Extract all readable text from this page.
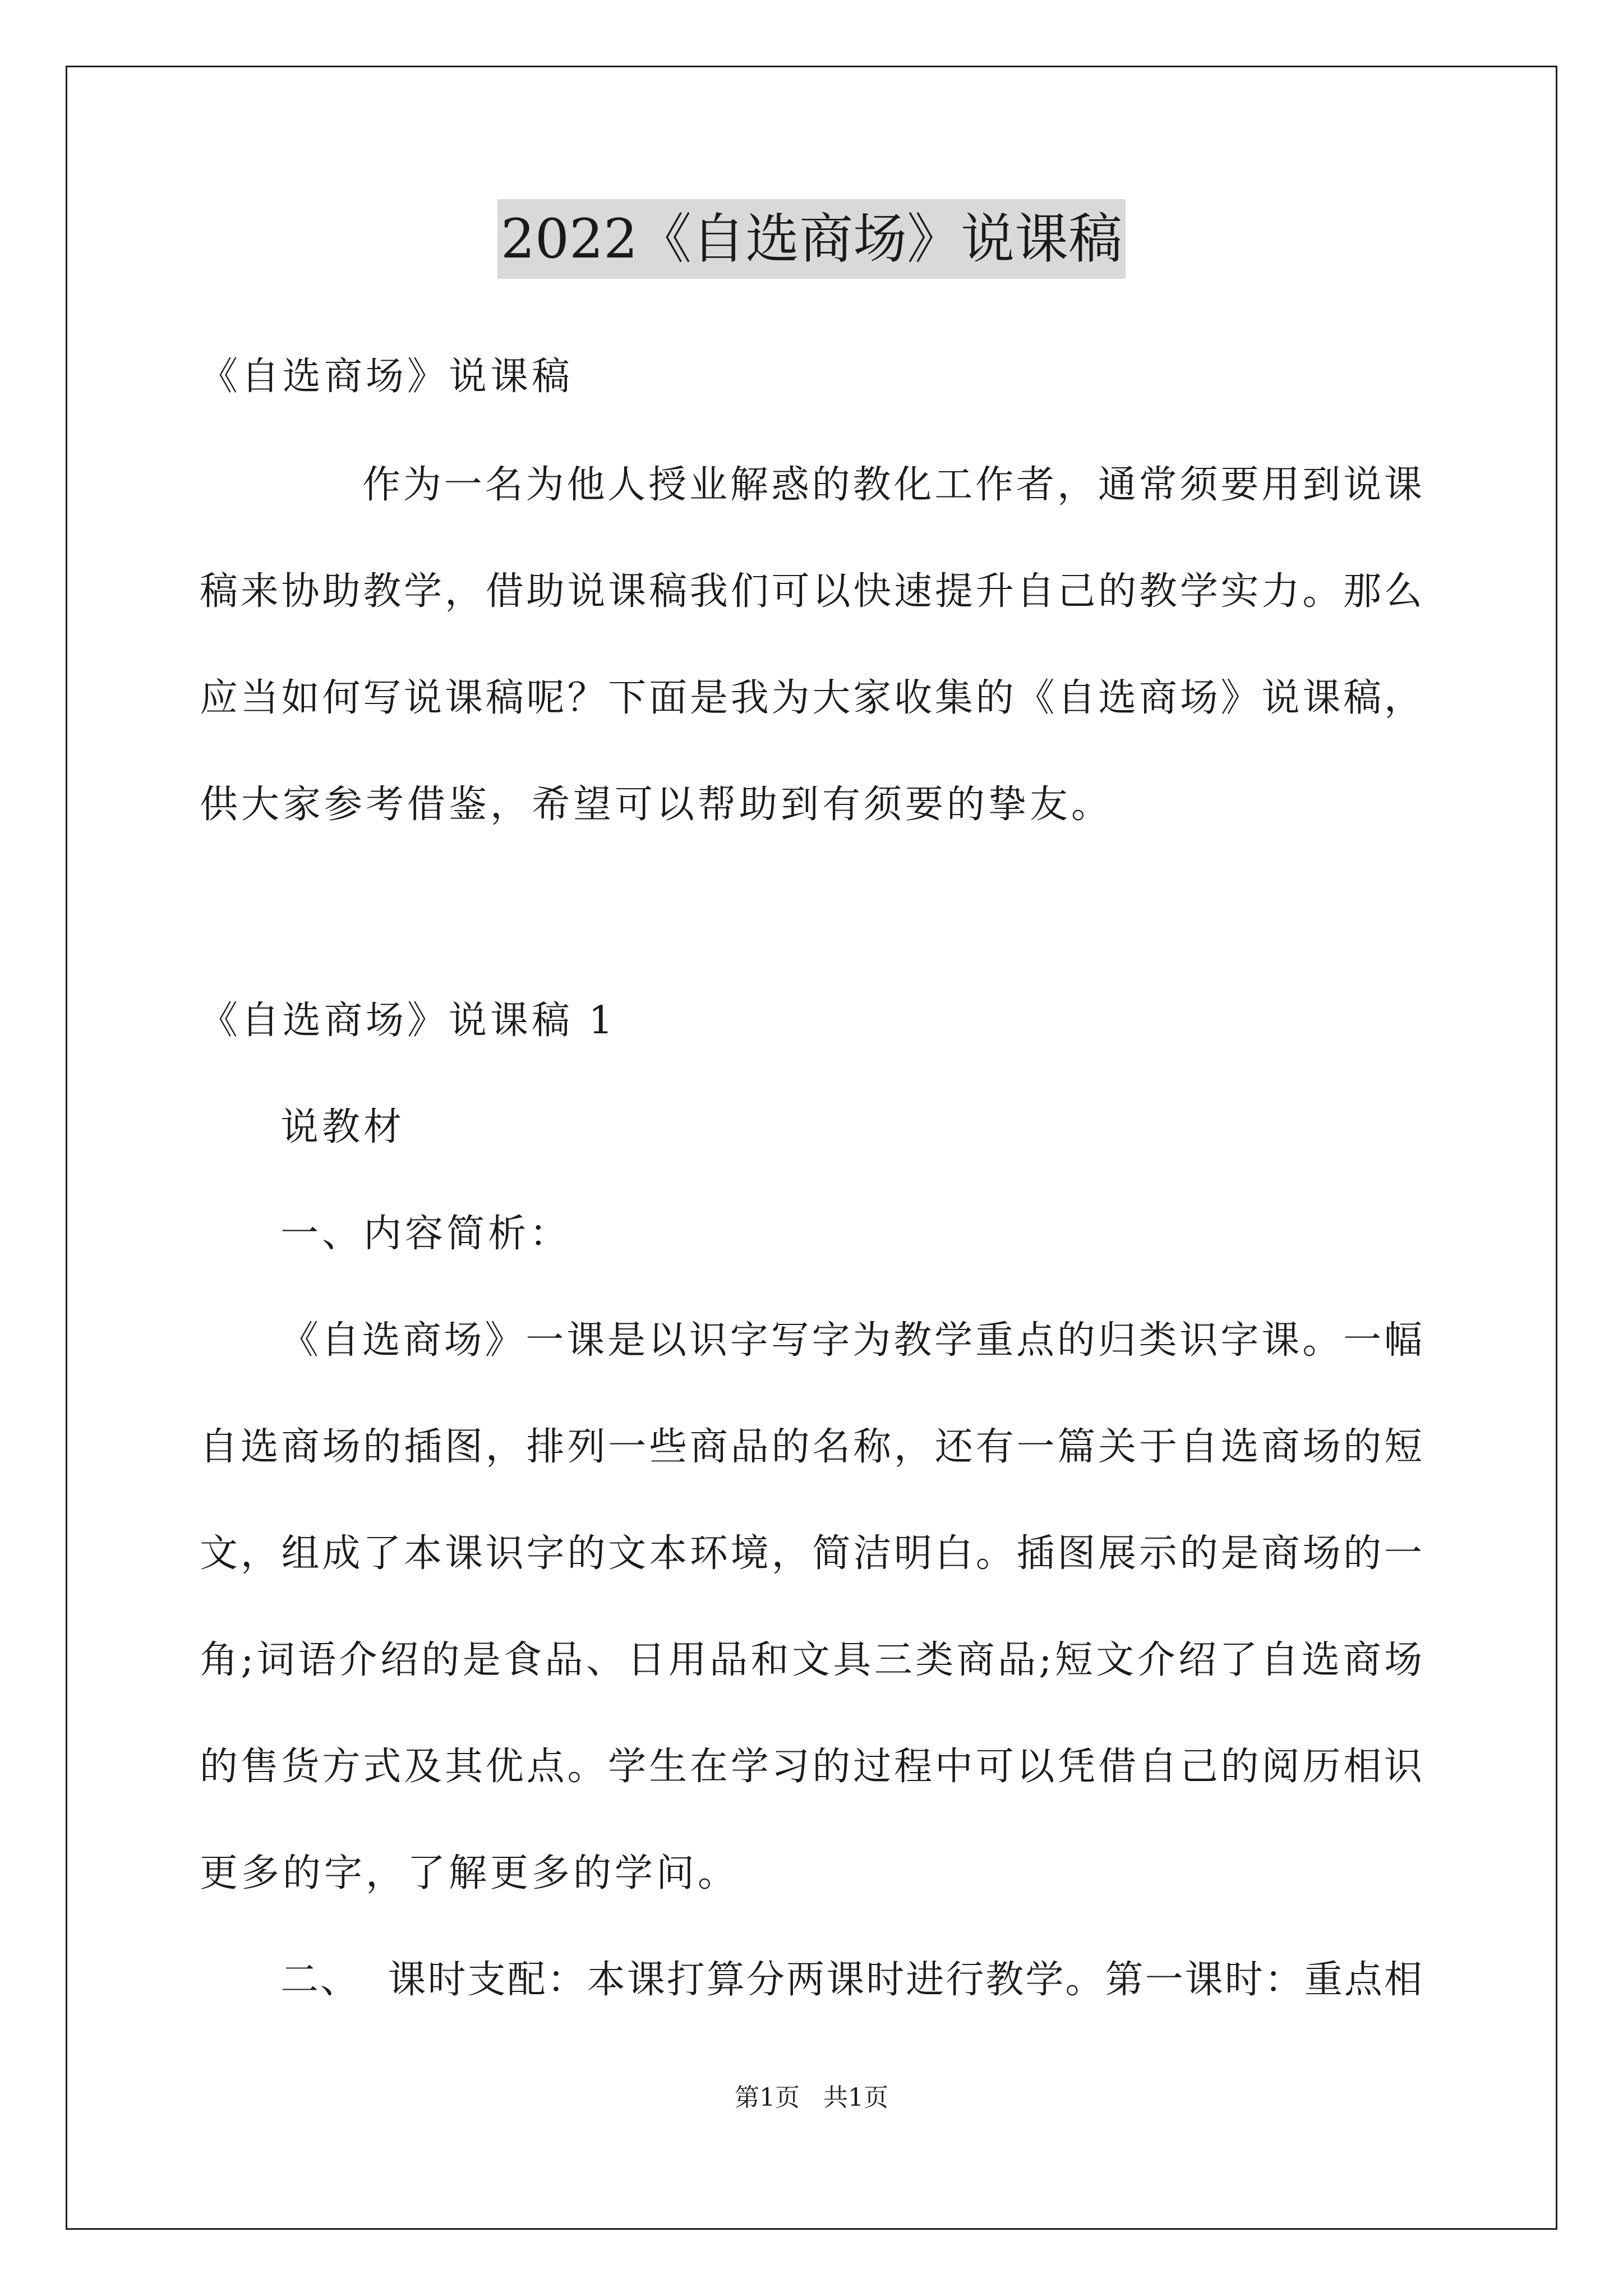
2022《自选商场》说课稿
《自选商场》说课稿
作为一名为他人授业解惑的教化工作者，通常须要用到说课
稿来协助教学，借助说课稿我们可以快速提升自己的教学实力。那么
应当如何写说课稿呢？下面是我为大家收集的《自选商场》说课稿，
供大家参考借鉴，希望可以帮助到有须要的挚友。
《自选商场》说课稿 1
说教材
一、内容简析：
《自选商场》一课是以识字写字为教学重点的归类识字课。一幅
自选商场的插图，排列一些商品的名称，还有一篇关于自选商场的短
文，组成了本课识字的文本环境，简洁明白。插图展示的是商场的一
角;词语介绍的是食品、日用品和文具三类商品;短文介绍了自选商场
的售货方式及其优点。学生在学习的过程中可以凭借自己的阅历相识
更多的字，了解更多的学问。
二、  课时支配：本课打算分两课时进行教学。第一课时：重点相
第1页   共1页
